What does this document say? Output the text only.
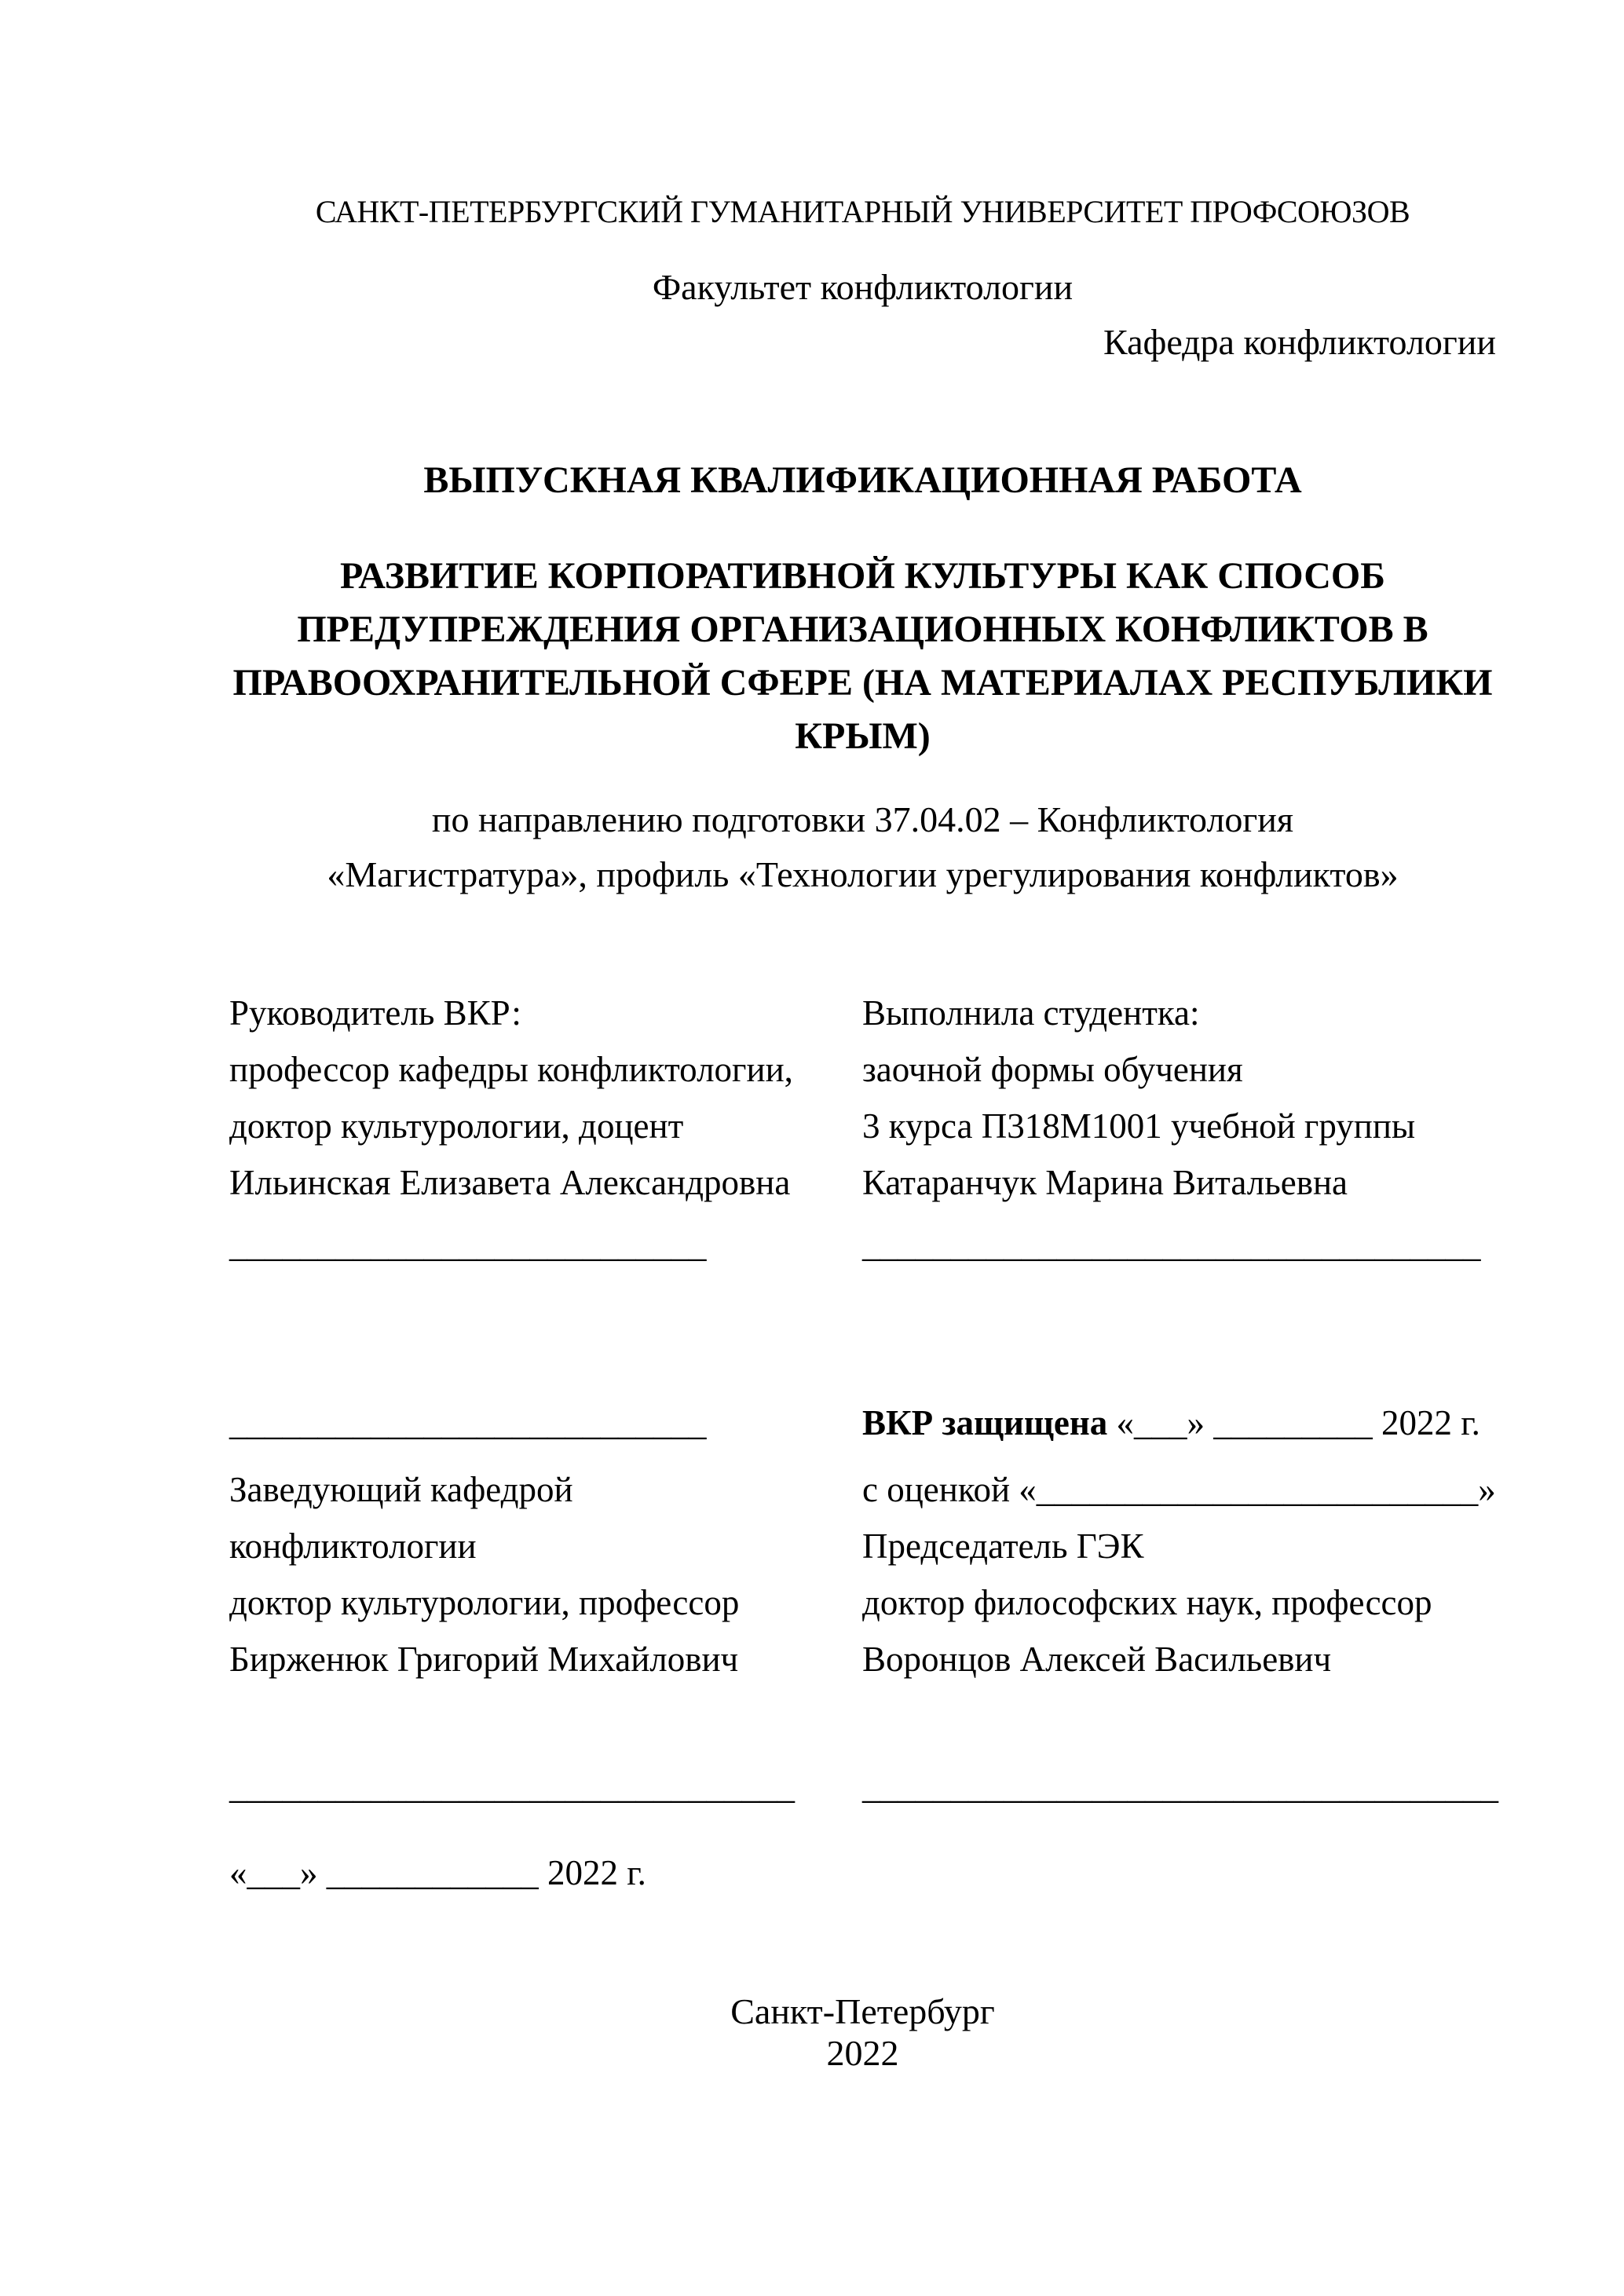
САНКТ-ПЕТЕРБУРГСКИЙ ГУМАНИТАРНЫЙ УНИВЕРСИТЕТ ПРОФСОЮЗОВ
Факультет конфликтологии
Кафедра конфликтологии
ВЫПУСКНАЯ КВАЛИФИКАЦИОННАЯ РАБОТА
РАЗВИТИЕ КОРПОРАТИВНОЙ КУЛЬТУРЫ КАК СПОСОБ
ПРЕДУПРЕЖДЕНИЯ ОРГАНИЗАЦИОННЫХ КОНФЛИКТОВ В
ПРАВООХРАНИТЕЛЬНОЙ СФЕРЕ (НА МАТЕРИАЛАХ РЕСПУБЛИКИ
КРЫМ)
по направлению подготовки 37.04.02 – Конфликтология
«Магистратура», профиль «Технологии урегулирования конфликтов»
Руководитель ВКР:
профессор кафедры конфликтологии,
доктор культурологии, доцент
Ильинская Елизавета Александровна
Выполнила студентка:
заочной формы обучения
3 курса П318М1001 учебной группы
Катаранчук Марина Витальевна
___________________________	___________________________________
___________________________	ВКР защищена «___» _________ 2022 г.
Заведующий кафедрой
конфликтологии
доктор культурологии, профессор
Бирженюк Григорий Михайлович
с оценкой «_________________________»
Председатель ГЭК
доктор философских наук, профессор
Воронцов Алексей Васильевич
________________________________	____________________________________
«___» ____________ 2022 г.
Санкт-Петербург
2022
